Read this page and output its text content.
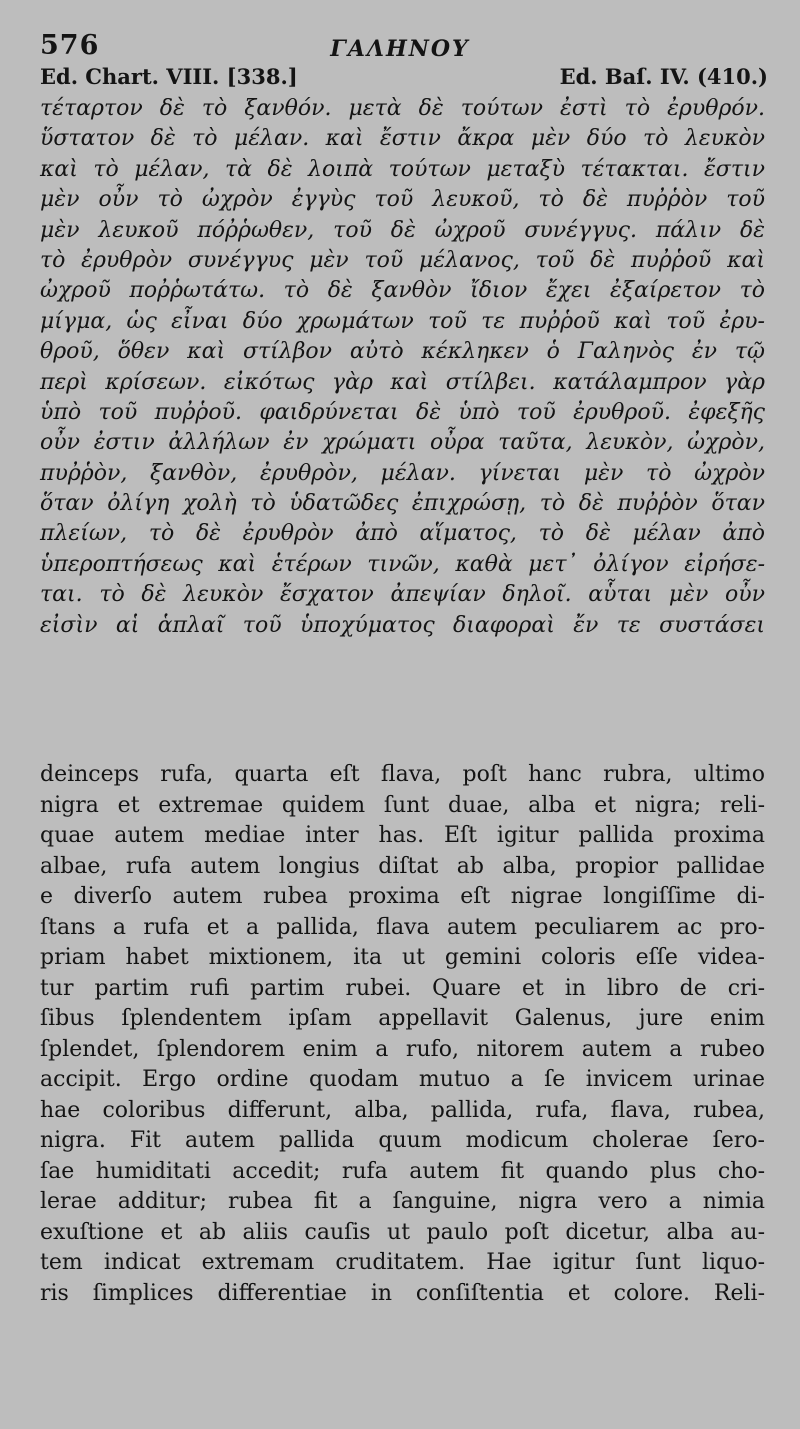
576	ΓΑΛΗΝΟΥ
Ed. Chart. VIII. [338.]	Ed. Baſ. IV. (410.)
τέταρτον δὲ τὸ ξανθόν. μετὰ δὲ τούτων ἐστὶ τὸ ἐρυθρόν.
ὕστατον δὲ τὸ μέλαν. καὶ ἔστιν ἄκρα μὲν δύο τὸ λευκὸν
καὶ τὸ μέλαν, τὰ δὲ λοιπὰ τούτων μεταξὺ τέτακται. ἔστιν
μὲν οὖν τὸ ὠχρὸν ἐγγὺς τοῦ λευκοῦ, τὸ δὲ πυῤῥὸν τοῦ
μὲν λευκοῦ πόῤῥωθεν, τοῦ δὲ ὠχροῦ συνέγγυς. πάλιν δὲ
τὸ ἐρυθρὸν συνέγγυς μὲν τοῦ μέλανος, τοῦ δὲ πυῤῥοῦ καὶ
ὠχροῦ ποῤῥωτάτω. τὸ δὲ ξανθὸν ἴδιον ἔχει ἐξαίρετον τὸ
μίγμα, ὡς εἶναι δύο χρωμάτων τοῦ τε πυῤῥοῦ καὶ τοῦ ἐρυ-
θροῦ, ὅθεν καὶ στίλβον αὐτὸ κέκληκεν ὁ Γαληνὸς ἐν τῷ
περὶ κρίσεων. εἰκότως γὰρ καὶ στίλβει. κατάλαμπρον γὰρ
ὑπὸ τοῦ πυῤῥοῦ. φαιδρύνεται δὲ ὑπὸ τοῦ ἐρυθροῦ. ἐφεξῆς
οὖν ἐστιν ἀλλήλων ἐν χρώματι οὖρα ταῦτα, λευκὸν, ὠχρὸν,
πυῤῥὸν, ξανθὸν, ἐρυθρὸν, μέλαν. γίνεται μὲν τὸ ὠχρὸν
ὅταν ὀλίγη χολὴ τὸ ὑδατῶδες ἐπιχρώσῃ, τὸ δὲ πυῤῥὸν ὅταν
πλείων, τὸ δὲ ἐρυθρὸν ἀπὸ αἵματος, τὸ δὲ μέλαν ἀπὸ
ὑπεροπτήσεως καὶ ἑτέρων τινῶν, καθὰ μετ᾽ ὀλίγον εἰρήσε-
ται. τὸ δὲ λευκὸν ἔσχατον ἀπεψίαν δηλοῖ. αὗται μὲν οὖν
εἰσὶν αἱ ἁπλαῖ τοῦ ὑποχύματος διαφοραὶ ἔν τε συστάσει
deinceps rufa, quarta eſt flava, poſt hanc rubra, ultimo
nigra et extremae quidem ſunt duae, alba et nigra; reli-
quae autem mediae inter has. Eſt igitur pallida proxima
albae, rufa autem longius diſtat ab alba, propior pallidae
e diverſo autem rubea proxima eſt nigrae longiſſime di-
ſtans a rufa et a pallida, flava autem peculiarem ac pro-
priam habet mixtionem, ita ut gemini coloris eſſe videa-
tur partim rufi partim rubei. Quare et in libro de cri-
ſibus ſplendentem ipſam appellavit Galenus, jure enim
ſplendet, ſplendorem enim a rufo, nitorem autem a rubeo
accipit. Ergo ordine quodam mutuo a ſe invicem urinae
hae coloribus differunt, alba, pallida, rufa, flava, rubea,
nigra. Fit autem pallida quum modicum cholerae ſero-
ſae humiditati accedit; rufa autem fit quando plus cho-
lerae additur; rubea fit a ſanguine, nigra vero a nimia
exuſtione et ab aliis cauſis ut paulo poſt dicetur, alba au-
tem indicat extremam cruditatem. Hae igitur ſunt liquo-
ris ſimplices differentiae in conſiſtentia et colore. Reli-
